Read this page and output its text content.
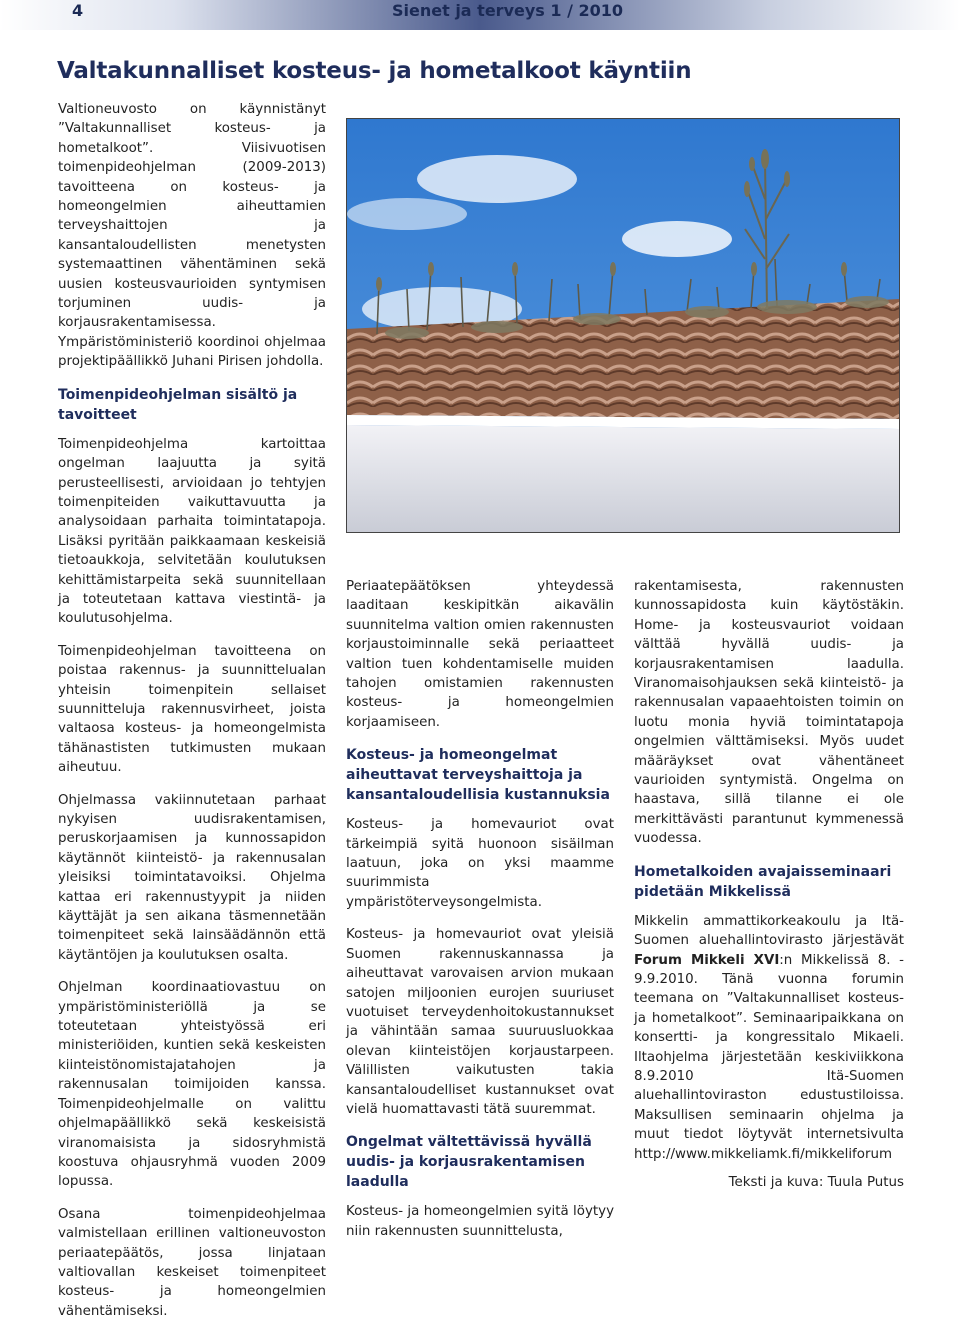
4	Sienet ja terveys 1 / 2010
Valtakunnalliset kosteus- ja hometalkoot käyntiin

Valtioneuvosto on käynnistänyt ”Valtakunnalliset kosteus- ja hometalkoot”. Viisivuotisen toimenpideohjelman (2009-2013) tavoitteena on kosteus- ja homeongelmien aiheuttamien terveyshaittojen ja kansantaloudellisten menetysten systemaattinen vähentäminen sekä uusien kosteusvaurioiden syntymisen torjuminen uudis- ja korjausrakentamisessa. Ympäristöministeriö koordinoi ohjelmaa projektipäällikkö Juhani Pirisen johdolla.

Toimenpideohjelman sisältö ja tavoitteet

Toimenpideohjelma kartoittaa ongelman laajuutta ja syitä perusteellisesti, arvioidaan jo tehtyjen toimenpiteiden vaikuttavuutta ja analysoidaan parhaita toimintatapoja. Lisäksi pyritään paikkaamaan keskeisiä tietoaukkoja, selvitetään koulutuksen kehittämistarpeita sekä suunnitellaan ja toteutetaan kattava viestintä- ja koulutusohjelma.

Toimenpideohjelman tavoitteena on poistaa rakennus- ja suunnittelualan yhteisin toimenpitein sellaiset suunnitteluja rakennusvirheet, joista valtaosa kosteus- ja homeongelmista tähänastisten tutkimusten mukaan aiheutuu.

Ohjelmassa vakiinnutetaan parhaat nykyisen uudisrakentamisen, peruskorjaamisen ja kunnossapidon käytännöt kiinteistö- ja rakennusalan yleisiksi toimintatavoiksi. Ohjelma kattaa eri rakennustyypit ja niiden käyttäjät ja sen aikana täsmennetään toimenpiteet sekä lainsäädännön että käytäntöjen ja koulutuksen osalta.

Ohjelman koordinaatiovastuu on ympäristöministeriöllä ja se toteutetaan yhteistyössä eri ministeriöiden, kuntien sekä keskeisten kiinteistönomistajatahojen ja rakennusalan toimijoiden kanssa. Toimenpideohjelmalle on valittu ohjelmapäällikkö sekä keskeisistä viranomaisista ja sidosryhmistä koostuva ohjausryhmä vuoden 2009 lopussa.

Osana toimenpideohjelmaa valmistellaan erillinen valtioneuvoston periaatepäätös, jossa linjataan valtiovallan keskeiset toimenpiteet kosteus- ja homeongelmien vähentämiseksi.

Periaatepäätöksen yhteydessä laaditaan keskipitkän aikavälin suunnitelma valtion omien rakennusten korjaustoiminnalle sekä periaatteet valtion tuen kohdentamiselle muiden tahojen omistamien rakennusten kosteus- ja homeongelmien korjaamiseen.

Kosteus- ja homeongelmat aiheuttavat terveyshaittoja ja kansantaloudellisia kustannuksia

Kosteus- ja homevauriot ovat tärkeimpiä syitä huonoon sisäilman laatuun, joka on yksi maamme suurimmista ympäristöterveysongelmista.

Kosteus- ja homevauriot ovat yleisiä Suomen rakennuskannassa ja aiheuttavat varovaisen arvion mukaan satojen miljoonien eurojen suuriuset vuotuiset terveydenhoitokustannukset ja vähintään samaa suuruusluokkaa olevan kiinteistöjen korjaustarpeen. Välillisten vaikutusten takia kansantaloudelliset kustannukset ovat vielä huomattavasti tätä suuremmat.

Ongelmat vältettävissä hyvällä uudis- ja korjausrakentamisen laadulla

Kosteus- ja homeongelmien syitä löytyy niin rakennusten suunnittelusta,

rakentamisesta, rakennusten kunnossapidosta kuin käytöstäkin. Home- ja kosteusvauriot voidaan välttää hyvällä uudis- ja korjausrakentamisen laadulla. Viranomaisohjauksen sekä kiinteistö- ja rakennusalan vapaaehtoisten toimin on luotu monia hyviä toimintatapoja ongelmien välttämiseksi. Myös uudet määräykset ovat vähentäneet vaurioiden syntymistä. Ongelma on haastava, sillä tilanne ei ole merkittävästi parantunut kymmenessä vuodessa.

Hometalkoiden avajaisseminaari pidetään Mikkelissä

Mikkelin ammattikorkeakoulu ja Itä-Suomen aluehallintovirasto järjestävät Forum Mikkeli XVI:n Mikkelissä 8. - 9.9.2010. Tänä vuonna forumin teemana on ”Valtakunnalliset kosteus- ja hometalkoot”. Seminaaripaikkana on konsertti- ja kongressitalo Mikaeli. Iltaohjelma järjestetään keskiviikkona 8.9.2010 Itä-Suomen aluehallintoviraston edustustiloissa. Maksullisen seminaarin ohjelma ja muut tiedot löytyvät internetsivulta http://www.mikkeliamk.fi/mikkeliforum

Teksti ja kuva: Tuula Putus
